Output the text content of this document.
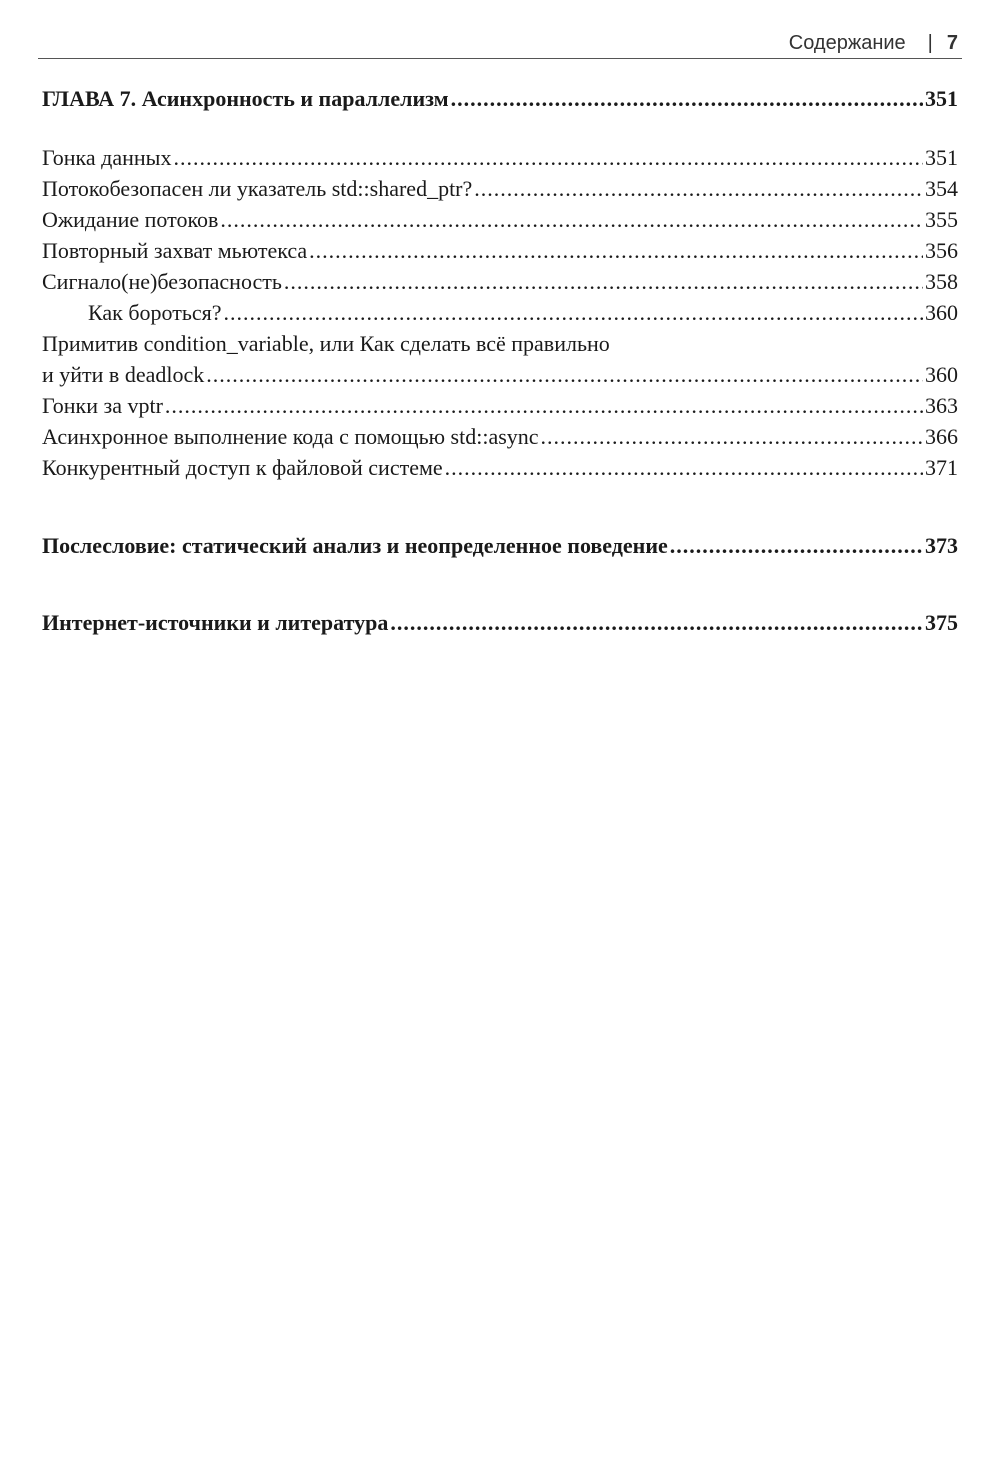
Содержание | 7
ГЛАВА 7. Асинхронность и параллелизм .....	351
Гонка данных .....	351
Потокобезопасен ли указатель std::shared_ptr? .....	354
Ожидание потоков .....	355
Повторный захват мьютекса .....	356
Сигнало(не)безопасность .....	358
Как бороться? .....	360
Примитив condition_variable, или Как сделать всё правильно
и уйти в deadlock .....	360
Гонки за vptr .....	363
Асинхронное выполнение кода с помощью std::async .....	366
Конкурентный доступ к файловой системе .....	371
Послесловие: статический анализ и неопределенное поведение .....	373
Интернет-источники и литература .....	375
